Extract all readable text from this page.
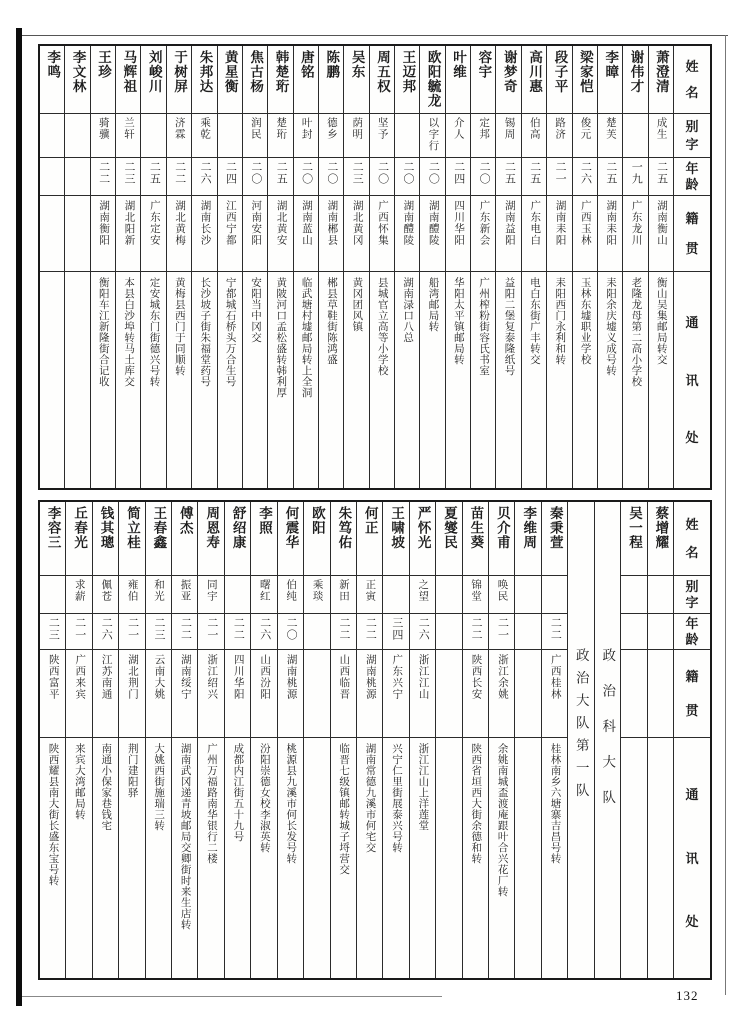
姓
名
别
字
年
龄
籍
贯
通
讯
处
萧澄清
成生
二五
湖南衡山
衡山吴集邮局转交
谢伟才
一九
广东龙川
老隆龙母第二高小学校
李暲
楚芙
二五
湖南耒阳
耒阳余庆墟义成号转
梁家恺
俊元
二六
广西玉林
玉林东墟职业学校
段子平
路济
二一
湖南耒阳
耒阳西门永利和转
高川惠
伯高
二五
广东电白
电白东街广丰转交
谢梦奇
锡周
二五
湖南益阳
益阳二堡复泰隆纸号
容宇
定邦
二〇
广东新会
广州榨粉街容氏书室
叶维
介人
二四
四川华阳
华阳太平镇邮局转
欧阳毓龙
以字行
二〇
湖南醴陵
船湾邮局转
王迈邦
二〇
湖南醴陵
湖南渌口八总
周五权
坚予
二〇
广西怀集
县城官立高等小学校
吴东
荫明
二三
湖北黄冈
黄冈团风镇
陈鹏
德乡
二〇
湖南郴县
郴县草鞋街陈鸿盛
唐铭
叶封
二〇
湖南蓝山
临武塘村墟邮局转上全洞
韩楚珩
楚珩
二五
湖北黄安
黄陂河口孟松盛转韩利厚
焦古杨
润民
二〇
河南安阳
安阳当中冈交
黄星衡
二四
江西宁都
宁都城石桥头万合生号
朱邦达
乘乾
二六
湖南长沙
长沙坡子街朱福堂药号
于树屏
济霖
二二
湖北黄梅
黄梅县西门于同顺转
刘峻川
二五
广东定安
定安城东门街德兴号转
马辉祖
兰轩
二三
湖北阳新
本县白沙埠转马土库交
王珍
骑骥
二二
湖南衡阳
衡阳车江新隆街合记收
李文林
李鸣
姓
名
别
字
年
龄
籍
贯
通
讯
处
蔡增耀
吴一程
政治科大队
政治大队第一队
秦秉萱
二二
广西桂林
桂林南乡六塘寨吉昌号转
李维周
贝介甫
唤民
二一
浙江余姚
余姚南城盃渡庵跟叶合兴花厂转
苗生葵
锦堂
二二
陕西长安
陕西省垣西大街余德和转
夏燮民
严怀光
之望
二六
浙江江山
浙江江山上洋莲堂
王啸坡
三四
广东兴宁
兴宁仁里街展泰兴号转
何正
正寅
二二
湖南桃源
湖南常德九溪市何宅交
朱笃佑
新田
二二
山西临晋
临晋七级镇邮转城子埒营交
欧阳
乘琰
何震华
伯纯
二〇
湖南桃源
桃源县九溪市何长发号转
李照
曙红
二六
山西汾阳
汾阳崇德女校李淑英转
舒绍康
二二
四川华阳
成都内江街五十九号
周恩寿
同宇
二一
浙江绍兴
广州万福路南华银行二楼
傅杰
振亚
二二
湖南绥宁
湖南武冈递青坡邮局交卿街时来生店转
王春鑫
和光
二三
云南大姚
大姚西街施瑞三转
简立桂
雍伯
二一
湖北荆门
荆门建阳驿
钱其璁
佩苍
二六
江苏南通
南通小保家巷钱宅
丘春光
求薪
二一
广西来宾
来宾大湾邮局转
李容三
二三
陕西富平
陕西耀县南大街长盛东宝号转
132
